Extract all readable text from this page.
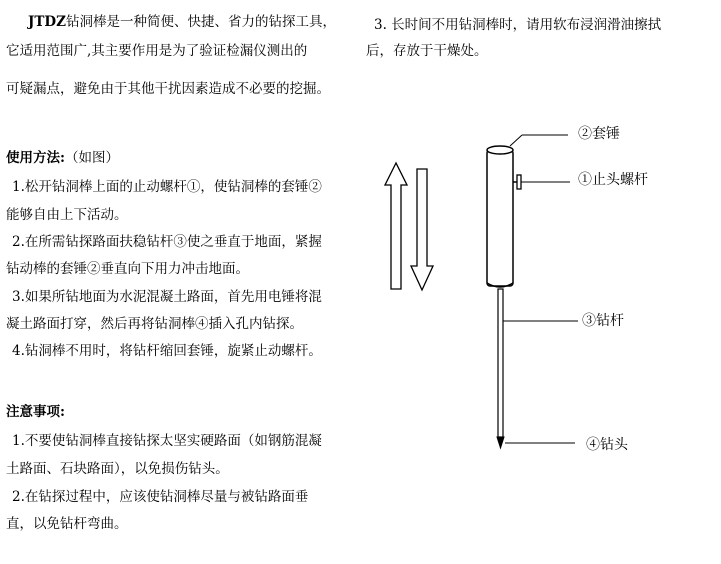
JTDZ钻洞棒是一种简便、快捷、省力的钻探工具，
它适用范围广,其主要作用是为了验证检漏仪测出的
可疑漏点，避免由于其他干扰因素造成不必要的挖掘。
使用方法:（如图）
1.松开钻洞棒上面的止动螺杆①，使钻洞棒的套锤②
能够自由上下活动。
2.在所需钻探路面扶稳钻杆③使之垂直于地面，紧握
钻动棒的套锤②垂直向下用力冲击地面。
3.如果所钻地面为水泥混凝土路面，首先用电锤将混
凝土路面打穿，然后再将钻洞棒④插入孔内钻探。
4.钻洞棒不用时，将钻杆缩回套锤，旋紧止动螺杆。
注意事项:
1.不要使钻洞棒直接钻探太坚实硬路面（如钢筋混凝
土路面、石块路面），以免损伤钻头。
2.在钻探过程中，应该使钻洞棒尽量与被钻路面垂
直，以免钻杆弯曲。
3. 长时间不用钻洞棒时，请用软布浸润滑油擦拭
后，存放于干燥处。
②套锤
①止头螺杆
③钻杆
④钻头
